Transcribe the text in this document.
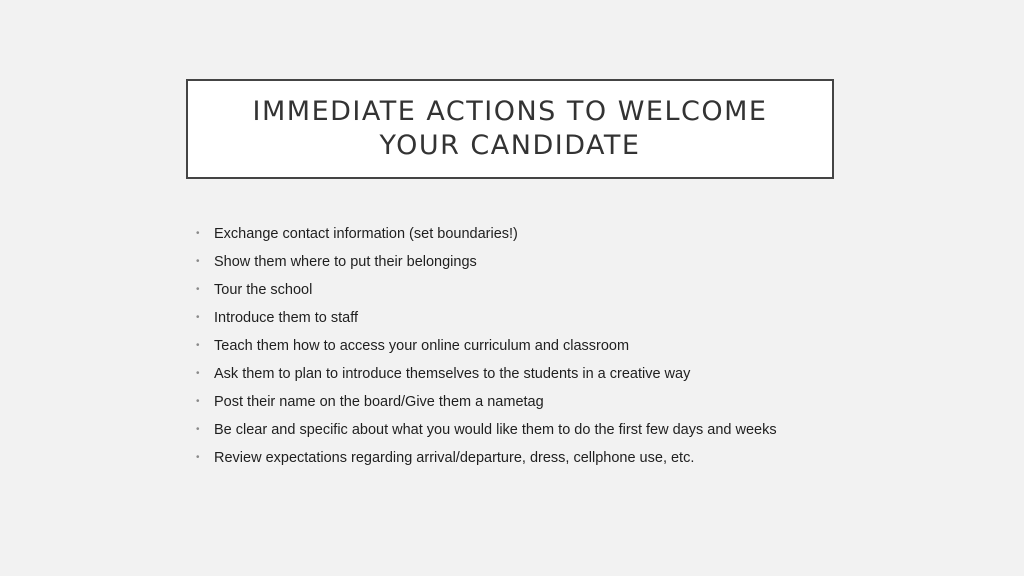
IMMEDIATE ACTIONS TO WELCOME
YOUR CANDIDATE
• Exchange contact information (set boundaries!)
• Show them where to put their belongings
• Tour the school
• Introduce them to staff
• Teach them how to access your online curriculum and classroom
• Ask them to plan to introduce themselves to the students in a creative way
• Post their name on the board/Give them a nametag
• Be clear and specific about what you would like them to do the first few days and weeks
• Review expectations regarding arrival/departure, dress, cellphone use, etc.
